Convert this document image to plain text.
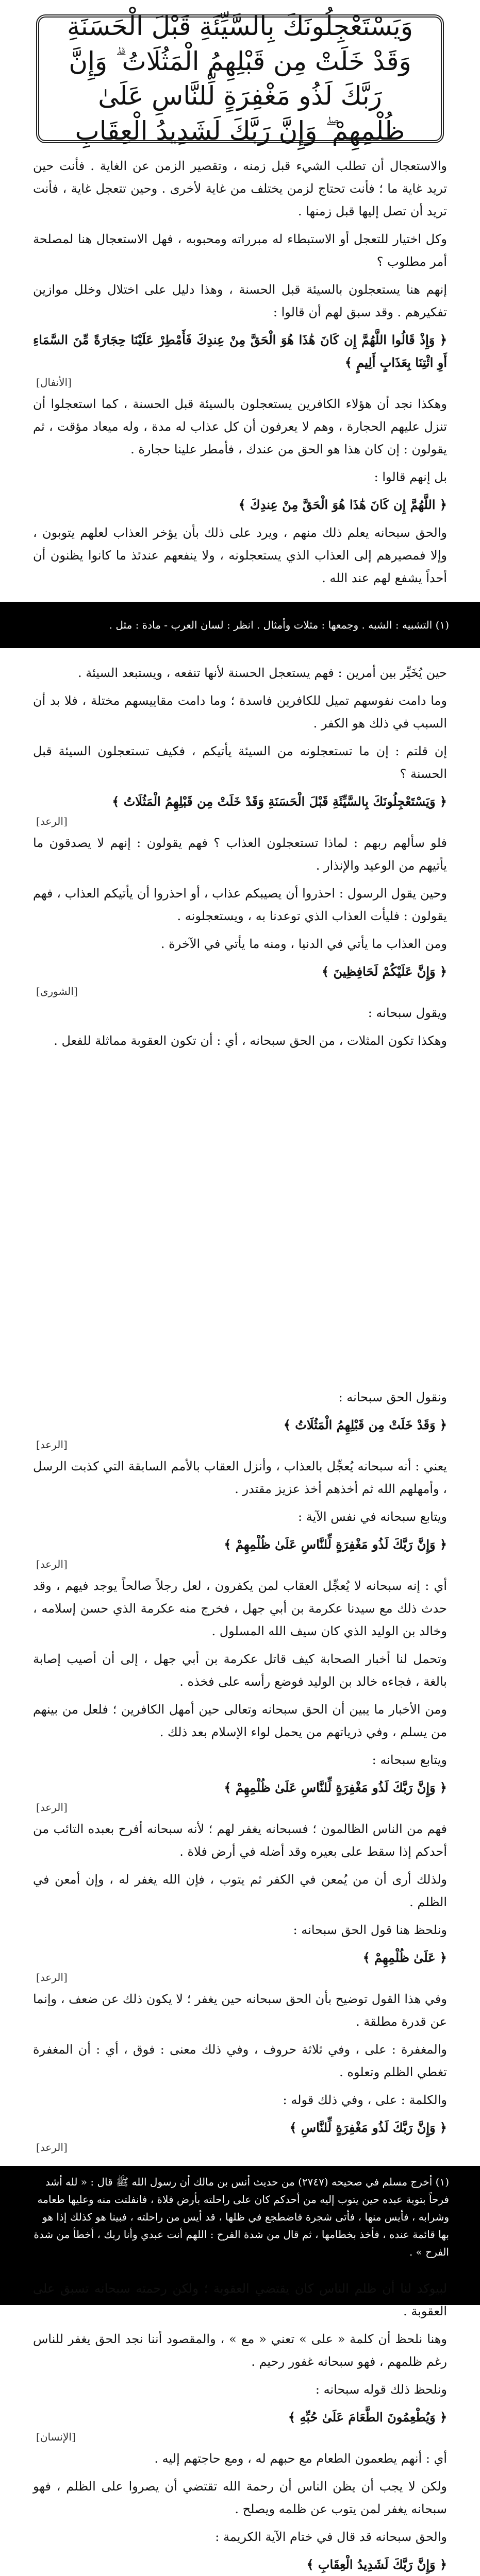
وَيَسْتَعْجِلُونَكَ بِالسَّيِّئَةِ قَبْلَ الْحَسَنَةِ وَقَدْ خَلَتْ مِن قَبْلِهِمُ الْمَثُلَاتُ ۗ وَإِنَّ رَبَّكَ لَذُو مَغْفِرَةٍ لِّلنَّاسِ عَلَىٰ ظُلْمِهِمْ ۖ وَإِنَّ رَبَّكَ لَشَدِيدُ الْعِقَابِ

والاستعجال أن تطلب الشيء قبل زمنه ، وتقصير الزمن عن الغاية . فأنت حين تريد غاية ما ؛ فأنت تحتاج لزمن يختلف من غاية لأخرى . وحين تتعجل غاية ، فأنت تريد أن تصل إليها قبل زمنها .

وكل اختيار للتعجل أو الاستبطاء له مبرراته ومحبوبه ، فهل الاستعجال هنا لمصلحة أمر مطلوب ؟

إنهم هنا يستعجلون بالسيئة قبل الحسنة ، وهذا دليل على اختلال وخلل موازين تفكيرهم . وقد سبق لهم أن قالوا :

﴿ وَإِذْ قَالُوا اللَّهُمَّ إِن كَانَ هَٰذَا هُوَ الْحَقَّ مِنْ عِندِكَ فَأَمْطِرْ عَلَيْنَا حِجَارَةً مِّنَ السَّمَاءِ أَوِ ائْتِنَا بِعَذَابٍ أَلِيمٍ ﴾

[الأنفال]

وهكذا نجد أن هؤلاء الكافرين يستعجلون بالسيئة قبل الحسنة ، كما استعجلوا أن تنزل عليهم الحجارة ، وهم لا يعرفون أن كل عذاب له مدة ، وله ميعاد مؤقت ، ثم يقولون : إن كان هذا هو الحق من عندك ، فأمطر علينا حجارة .

بل إنهم قالوا :

﴿ اللَّهُمَّ إِن كَانَ هَٰذَا هُوَ الْحَقَّ مِنْ عِندِكَ ﴾

والحق سبحانه يعلم ذلك منهم ، ويرد على ذلك بأن يؤخر العذاب لعلهم يتوبون ، وإلا فمصيرهم إلى العذاب الذي يستعجلونه ، ولا ينفعهم عندئذ ما كانوا يظنون أن أحداً يشفع لهم عند الله .

(١) التشبيه : الشبه . وجمعها : مثلات وأمثال . انظر : لسان العرب - مادة : مثل .

حين يُخَيِّر بين أمرين : فهم يستعجل الحسنة لأنها تنفعه ، ويستبعد السيئة .

وما دامت نفوسهم تميل للكافرين فاسدة ؛ وما دامت مقاييسهم مختلة ، فلا بد أن السبب في ذلك هو الكفر .

إن قلتم : إن ما تستعجلونه من السيئة يأتيكم ، فكيف تستعجلون السيئة قبل الحسنة ؟

﴿ وَيَسْتَعْجِلُونَكَ بِالسَّيِّئَةِ قَبْلَ الْحَسَنَةِ وَقَدْ خَلَتْ مِن قَبْلِهِمُ الْمَثُلَاتُ ﴾

[الرعد]

فلو سألهم ربهم : لماذا تستعجلون العذاب ؟ فهم يقولون : إنهم لا يصدقون ما يأتيهم من الوعيد والإنذار .

وحين يقول الرسول : احذروا أن يصيبكم عذاب ، أو احذروا أن يأتيكم العذاب ، فهم يقولون : فليأت العذاب الذي توعدنا به ، ويستعجلونه .

ومن العذاب ما يأتي في الدنيا ، ومنه ما يأتي في الآخرة .

﴿ وَإِنَّ عَلَيْكُمْ لَحَافِظِينَ ﴾

[الشورى]

ويقول سبحانه :

وهكذا تكون المثلات ، من الحق سبحانه ، أي : أن تكون العقوبة مماثلة للفعل .

ونقول الحق سبحانه :

﴿ وَقَدْ خَلَتْ مِن قَبْلِهِمُ الْمَثُلَاتُ ﴾

[الرعد]

يعني : أنه سبحانه يُعجِّل بالعذاب ، وأنزل العقاب بالأمم السابقة التي كذبت الرسل ، وأمهلهم الله ثم أخذهم أخذ عزيز مقتدر .

ويتابع سبحانه في نفس الآية :

﴿ وَإِنَّ رَبَّكَ لَذُو مَغْفِرَةٍ لِّلنَّاسِ عَلَىٰ ظُلْمِهِمْ ﴾

[الرعد]

أي : إنه سبحانه لا يُعجِّل العقاب لمن يكفرون ، لعل رجلاً صالحاً يوجد فيهم ، وقد حدث ذلك مع سيدنا عكرمة بن أبي جهل ، فخرج منه عكرمة الذي حسن إسلامه ، وخالد بن الوليد الذي كان سيف الله المسلول .

وتحمل لنا أخبار الصحابة كيف قاتل عكرمة بن أبي جهل ، إلى أن أصيب إصابة بالغة ، فجاءه خالد بن الوليد فوضع رأسه على فخذه .

ومن الأخبار ما يبين أن الحق سبحانه وتعالى حين أمهل الكافرين ؛ فلعل من بينهم من يسلم ، وفي ذرياتهم من يحمل لواء الإسلام بعد ذلك .

ويتابع سبحانه :

﴿ وَإِنَّ رَبَّكَ لَذُو مَغْفِرَةٍ لِّلنَّاسِ عَلَىٰ ظُلْمِهِمْ ﴾

[الرعد]

فهم من الناس الظالمون ؛ فسبحانه يغفر لهم ؛ لأنه سبحانه أفرح بعبده التائب من أحدكم إذا سقط على بعيره وقد أضله في أرض فلاة .

ولذلك أرى أن من يُمعن في الكفر ثم يتوب ، فإن الله يغفر له ، وإن أمعن في الظلم .

ونلحظ هنا قول الحق سبحانه :

﴿ عَلَىٰ ظُلْمِهِمْ ﴾

[الرعد]

وفي هذا القول توضيح بأن الحق سبحانه حين يغفر ؛ لا يكون ذلك عن ضعف ، وإنما عن قدرة مطلقة .

والمغفرة : على ، وفي ثلاثة حروف ، وفي ذلك معنى : فوق ، أي : أن المغفرة تغطي الظلم وتعلوه .

والكلمة : على ، وفي ذلك قوله :

﴿ وَإِنَّ رَبَّكَ لَذُو مَغْفِرَةٍ لِّلنَّاسِ ﴾

[الرعد]

(١) أخرج مسلم في صحيحه (٢٧٤٧) من حديث أنس بن مالك أن رسول الله ﷺ قال : « لله أشد فرحاً بتوبة عبده حين يتوب إليه من أحدكم كان على راحلته بأرض فلاة ، فانفلتت منه وعليها طعامه وشرابه ، فأيس منها ، فأتى شجرة فاضطجع في ظلها ، قد أيس من راحلته ، فبينا هو كذلك إذا هو بها قائمة عنده ، فأخذ بخطامها ، ثم قال من شدة الفرح : اللهم أنت عبدي وأنا ربك ، أخطأ من شدة الفرح » .

لبيوكد لنا أن ظلم الناس كان يقتضي العقوبة ؛ ولكن رحمته سبحانه تسبق على العقوبة .

وهنا نلحظ أن كلمة « على » تعني « مع » ، والمقصود أننا نجد الحق يغفر للناس رغم ظلمهم ، فهو سبحانه غفور رحيم .

ونلحظ ذلك قوله سبحانه :

﴿ وَيُطْعِمُونَ الطَّعَامَ عَلَىٰ حُبِّهِ ﴾

[الإنسان]

أي : أنهم يطعمون الطعام مع حبهم له ، ومع حاجتهم إليه .

ولكن لا يجب أن يظن الناس أن رحمة الله تقتضي أن يصروا على الظلم ، فهو سبحانه يغفر لمن يتوب عن ظلمه ويصلح .

والحق سبحانه قد قال في ختام الآية الكريمة :

﴿ وَإِنَّ رَبَّكَ لَشَدِيدُ الْعِقَابِ ﴾
